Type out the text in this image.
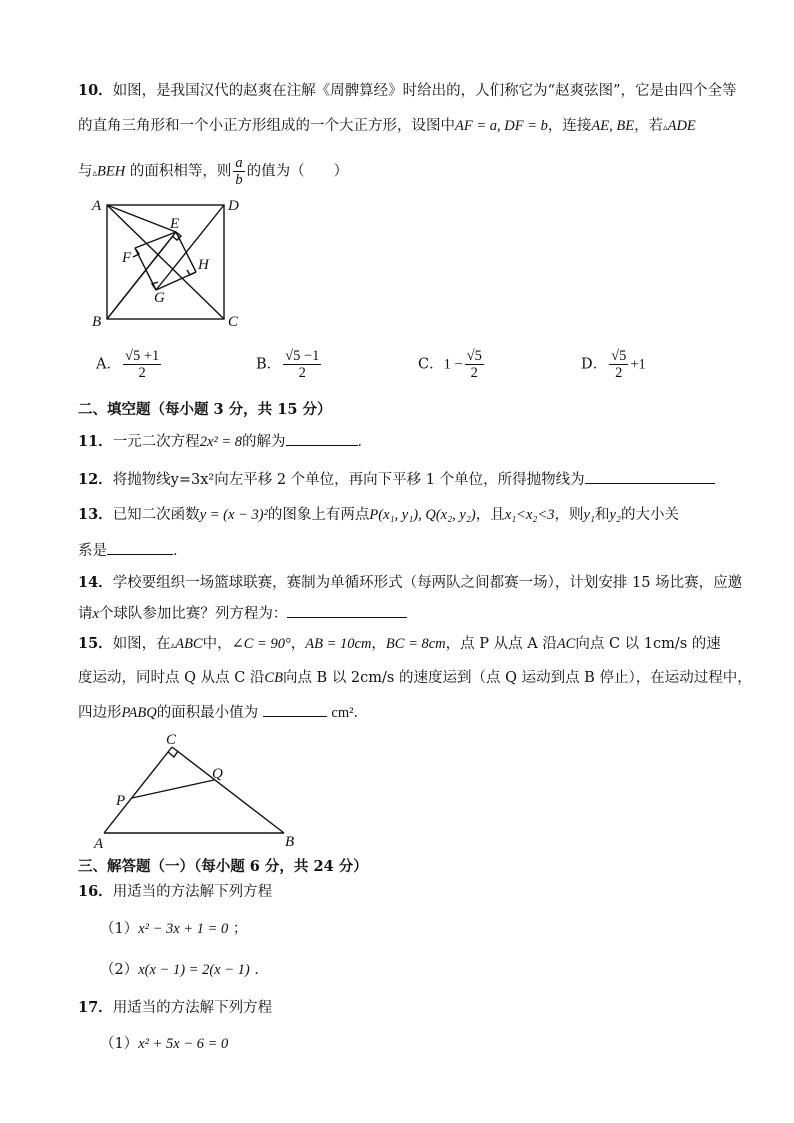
10．如图，是我国汉代的赵爽在注解《周髀算经》时给出的，人们称它为“赵爽弦图”，它是由四个全等
的直角三角形和一个小正方形组成的一个大正方形，设图中AF = a, DF = b，连接AE, BE，若▵ADE
与▵BEH 的面积相等，则 $\frac{a}{b}$ 的值为（　　）
A	D
B	C
E
F
G
H
A． $\frac{√5 +1}{2}$	B． $\frac{√5 -1}{2}$	C．$1 - \frac{√5}{2}$	D． $\frac{√5}{2} +1$
二、填空题（每小题 3 分，共 15 分）
11．一元二次方程2x² = 8的解为	．
12．将抛物线y=3x²向左平移 2 个单位，再向下平移 1 个单位，所得抛物线为
13．已知二次函数y = (x − 3)²的图象上有两点P(x₁, y₁), Q(x₂, y₂)，且x₁<x₂<3，则y₁和y₂的大小关
系是	．
14．学校要组织一场篮球联赛，赛制为单循环形式（每两队之间都赛一场），计划安排 15 场比赛，应邀
请x个球队参加比赛？列方程为：
15．如图，在▵ABC中，∠C = 90°，AB = 10cm，BC = 8cm，点 P 从点 A 沿AC向点 C 以 1cm/s 的速
度运动，同时点 Q 从点 C 沿CB向点 B 以 2cm/s 的速度运到（点 Q 运动到点 B 停止），在运动过程中，
四边形PABQ的面积最小值为	cm²．
C
A	B
P
Q
三、解答题（一）（每小题 6 分，共 24 分）
16．用适当的方法解下列方程
（1）x² − 3x + 1 = 0 ；
（2）x(x − 1) = 2(x − 1) ．
17．用适当的方法解下列方程
（1）x² + 5x − 6 = 0
